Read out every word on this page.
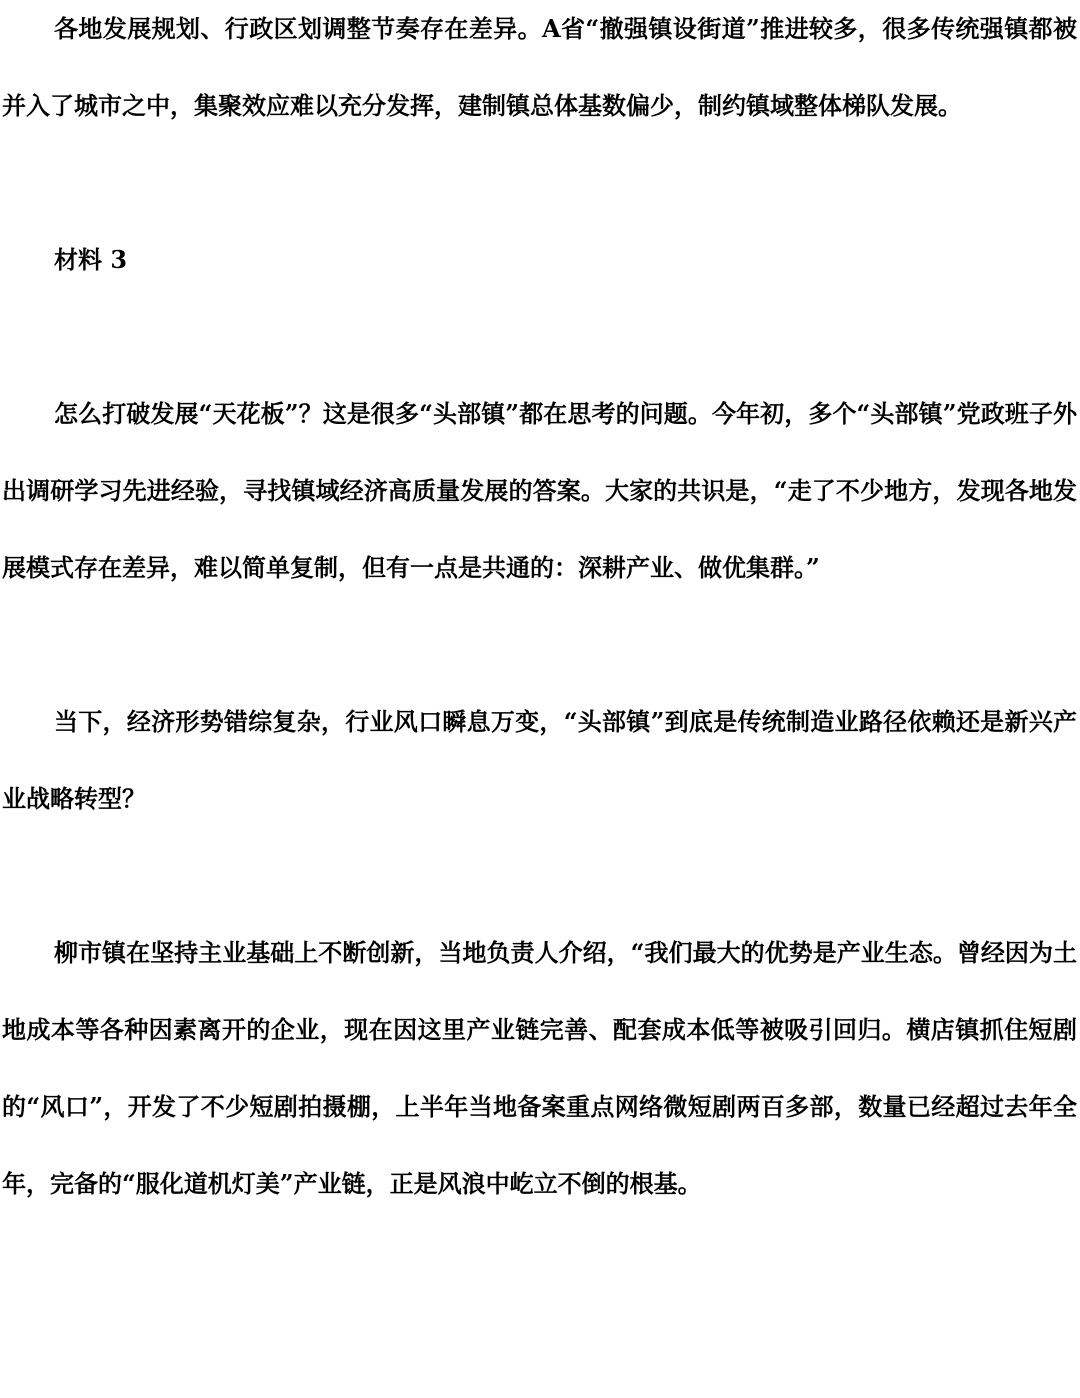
各地发展规划、行政区划调整节奏存在差异。A省“撤强镇设街道”推进较多，很多传统强镇都被并入了城市之中，集聚效应难以充分发挥，建制镇总体基数偏少，制约镇域整体梯队发展。

材料 3

怎么打破发展“天花板”？这是很多“头部镇”都在思考的问题。今年初，多个“头部镇”党政班子外出调研学习先进经验，寻找镇域经济高质量发展的答案。大家的共识是，“走了不少地方，发现各地发展模式存在差异，难以简单复制，但有一点是共通的：深耕产业、做优集群。”

当下，经济形势错综复杂，行业风口瞬息万变，“头部镇”到底是传统制造业路径依赖还是新兴产业战略转型？

柳市镇在坚持主业基础上不断创新，当地负责人介绍，“我们最大的优势是产业生态。曾经因为土地成本等各种因素离开的企业，现在因这里产业链完善、配套成本低等被吸引回归。横店镇抓住短剧的“风口”，开发了不少短剧拍摄棚，上半年当地备案重点网络微短剧两百多部，数量已经超过去年全年，完备的“服化道机灯美”产业链，正是风浪中屹立不倒的根基。
